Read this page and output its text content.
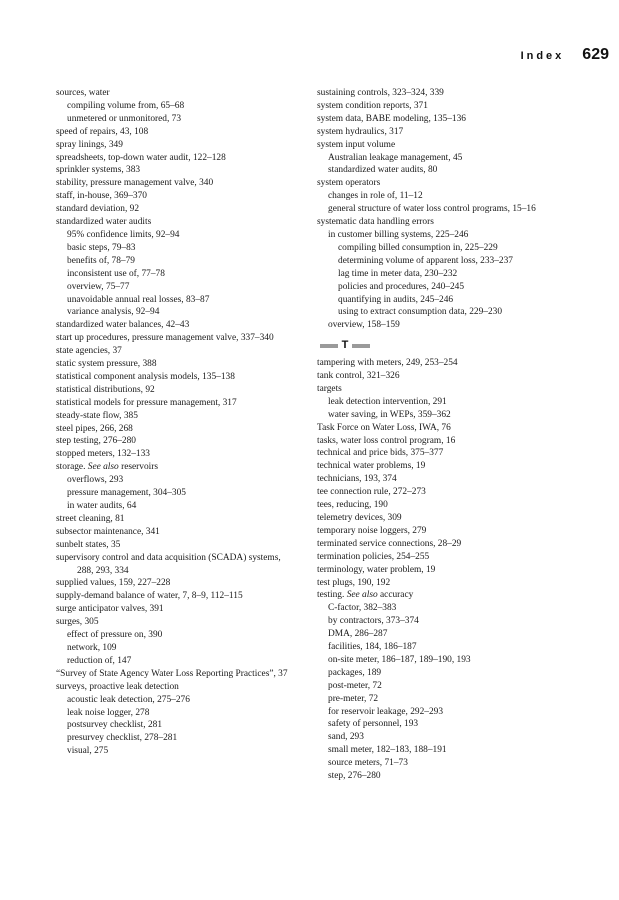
Index 629
sources, water
compiling volume from, 65–68
unmetered or unmonitored, 73
speed of repairs, 43, 108
spray linings, 349
spreadsheets, top-down water audit, 122–128
sprinkler systems, 383
stability, pressure management valve, 340
staff, in-house, 369–370
standard deviation, 92
standardized water audits
95% confidence limits, 92–94
basic steps, 79–83
benefits of, 78–79
inconsistent use of, 77–78
overview, 75–77
unavoidable annual real losses, 83–87
variance analysis, 92–94
standardized water balances, 42–43
start up procedures, pressure management valve, 337–340
state agencies, 37
static system pressure, 388
statistical component analysis models, 135–138
statistical distributions, 92
statistical models for pressure management, 317
steady-state flow, 385
steel pipes, 266, 268
step testing, 276–280
stopped meters, 132–133
storage. See also reservoirs
overflows, 293
pressure management, 304–305
in water audits, 64
street cleaning, 81
subsector maintenance, 341
sunbelt states, 35
supervisory control and data acquisition (SCADA) systems, 288, 293, 334
supplied values, 159, 227–228
supply-demand balance of water, 7, 8–9, 112–115
surge anticipator valves, 391
surges, 305
effect of pressure on, 390
network, 109
reduction of, 147
“Survey of State Agency Water Loss Reporting Practices”, 37
surveys, proactive leak detection
acoustic leak detection, 275–276
leak noise logger, 278
postsurvey checklist, 281
presurvey checklist, 278–281
visual, 275
sustaining controls, 323–324, 339
system condition reports, 371
system data, BABE modeling, 135–136
system hydraulics, 317
system input volume
Australian leakage management, 45
standardized water audits, 80
system operators
changes in role of, 11–12
general structure of water loss control programs, 15–16
systematic data handling errors
in customer billing systems, 225–246
compiling billed consumption in, 225–229
determining volume of apparent loss, 233–237
lag time in meter data, 230–232
policies and procedures, 240–245
quantifying in audits, 245–246
using to extract consumption data, 229–230
overview, 158–159
T
tampering with meters, 249, 253–254
tank control, 321–326
targets
leak detection intervention, 291
water saving, in WEPs, 359–362
Task Force on Water Loss, IWA, 76
tasks, water loss control program, 16
technical and price bids, 375–377
technical water problems, 19
technicians, 193, 374
tee connection rule, 272–273
tees, reducing, 190
telemetry devices, 309
temporary noise loggers, 279
terminated service connections, 28–29
termination policies, 254–255
terminology, water problem, 19
test plugs, 190, 192
testing. See also accuracy
C-factor, 382–383
by contractors, 373–374
DMA, 286–287
facilities, 184, 186–187
on-site meter, 186–187, 189–190, 193
packages, 189
post-meter, 72
pre-meter, 72
for reservoir leakage, 292–293
safety of personnel, 193
sand, 293
small meter, 182–183, 188–191
source meters, 71–73
step, 276–280
